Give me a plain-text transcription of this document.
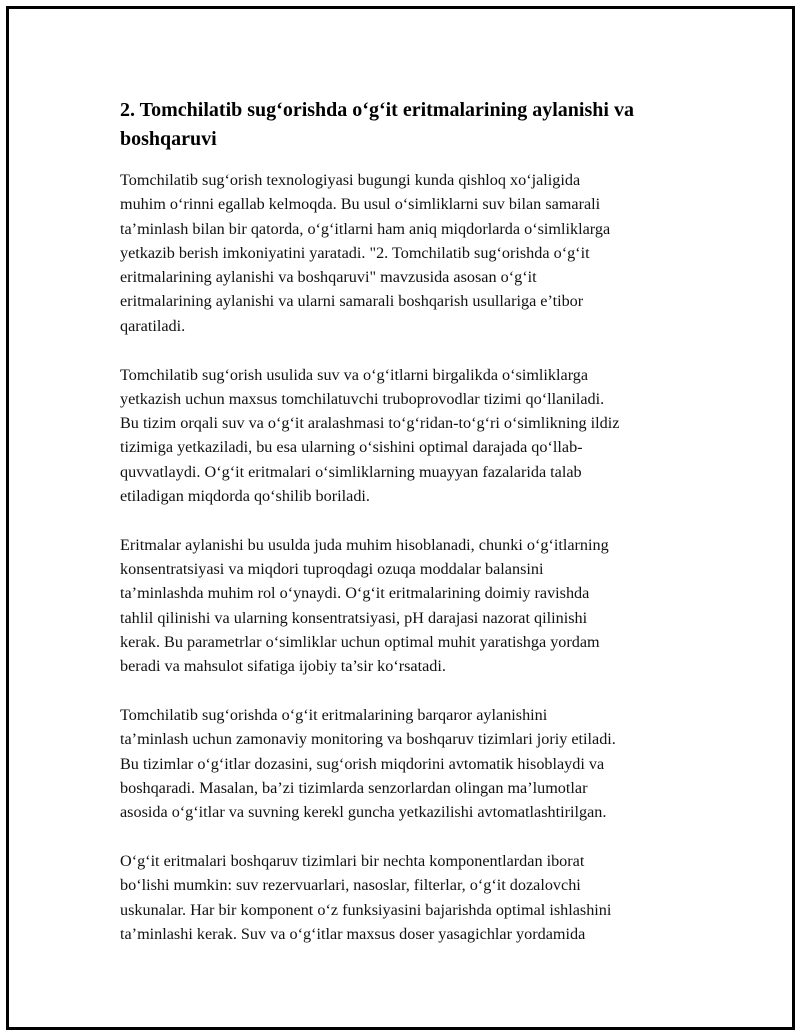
2. Tomchilatib sug‘orishda o‘g‘it eritmalarining aylanishi va
boshqaruvi
Tomchilatib sug‘orish texnologiyasi bugungi kunda qishloq xo‘jaligida
muhim o‘rinni egallab kelmoqda. Bu usul o‘simliklarni suv bilan samarali
ta’minlash bilan bir qatorda, o‘g‘itlarni ham aniq miqdorlarda o‘simliklarga
yetkazib berish imkoniyatini yaratadi. "2. Tomchilatib sug‘orishda o‘g‘it
eritmalarining aylanishi va boshqaruvi" mavzusida asosan o‘g‘it
eritmalarining aylanishi va ularni samarali boshqarish usullariga e’tibor
qaratiladi.
Tomchilatib sug‘orish usulida suv va o‘g‘itlarni birgalikda o‘simliklarga
yetkazish uchun maxsus tomchilatuvchi truboprovodlar tizimi qo‘llaniladi.
Bu tizim orqali suv va o‘g‘it aralashmasi to‘g‘ridan-to‘g‘ri o‘simlikning ildiz
tizimiga yetkaziladi, bu esa ularning o‘sishini optimal darajada qo‘llab-
quvvatlaydi. O‘g‘it eritmalari o‘simliklarning muayyan fazalarida talab
etiladigan miqdorda qo‘shilib boriladi.
Eritmalar aylanishi bu usulda juda muhim hisoblanadi, chunki o‘g‘itlarning
konsentratsiyasi va miqdori tuproqdagi ozuqa moddalar balansini
ta’minlashda muhim rol o‘ynaydi. O‘g‘it eritmalarining doimiy ravishda
tahlil qilinishi va ularning konsentratsiyasi, pH darajasi nazorat qilinishi
kerak. Bu parametrlar o‘simliklar uchun optimal muhit yaratishga yordam
beradi va mahsulot sifatiga ijobiy ta’sir ko‘rsatadi.
Tomchilatib sug‘orishda o‘g‘it eritmalarining barqaror aylanishini
ta’minlash uchun zamonaviy monitoring va boshqaruv tizimlari joriy etiladi.
Bu tizimlar o‘g‘itlar dozasini, sug‘orish miqdorini avtomatik hisoblaydi va
boshqaradi. Masalan, ba’zi tizimlarda senzorlardan olingan ma’lumotlar
asosida o‘g‘itlar va suvning kerekl guncha yetkazilishi avtomatlashtirilgan.
O‘g‘it eritmalari boshqaruv tizimlari bir nechta komponentlardan iborat
bo‘lishi mumkin: suv rezervuarlari, nasoslar, filterlar, o‘g‘it dozalovchi
uskunalar. Har bir komponent o‘z funksiyasini bajarishda optimal ishlashini
ta’minlashi kerak. Suv va o‘g‘itlar maxsus doser yasagichlar yordamida
